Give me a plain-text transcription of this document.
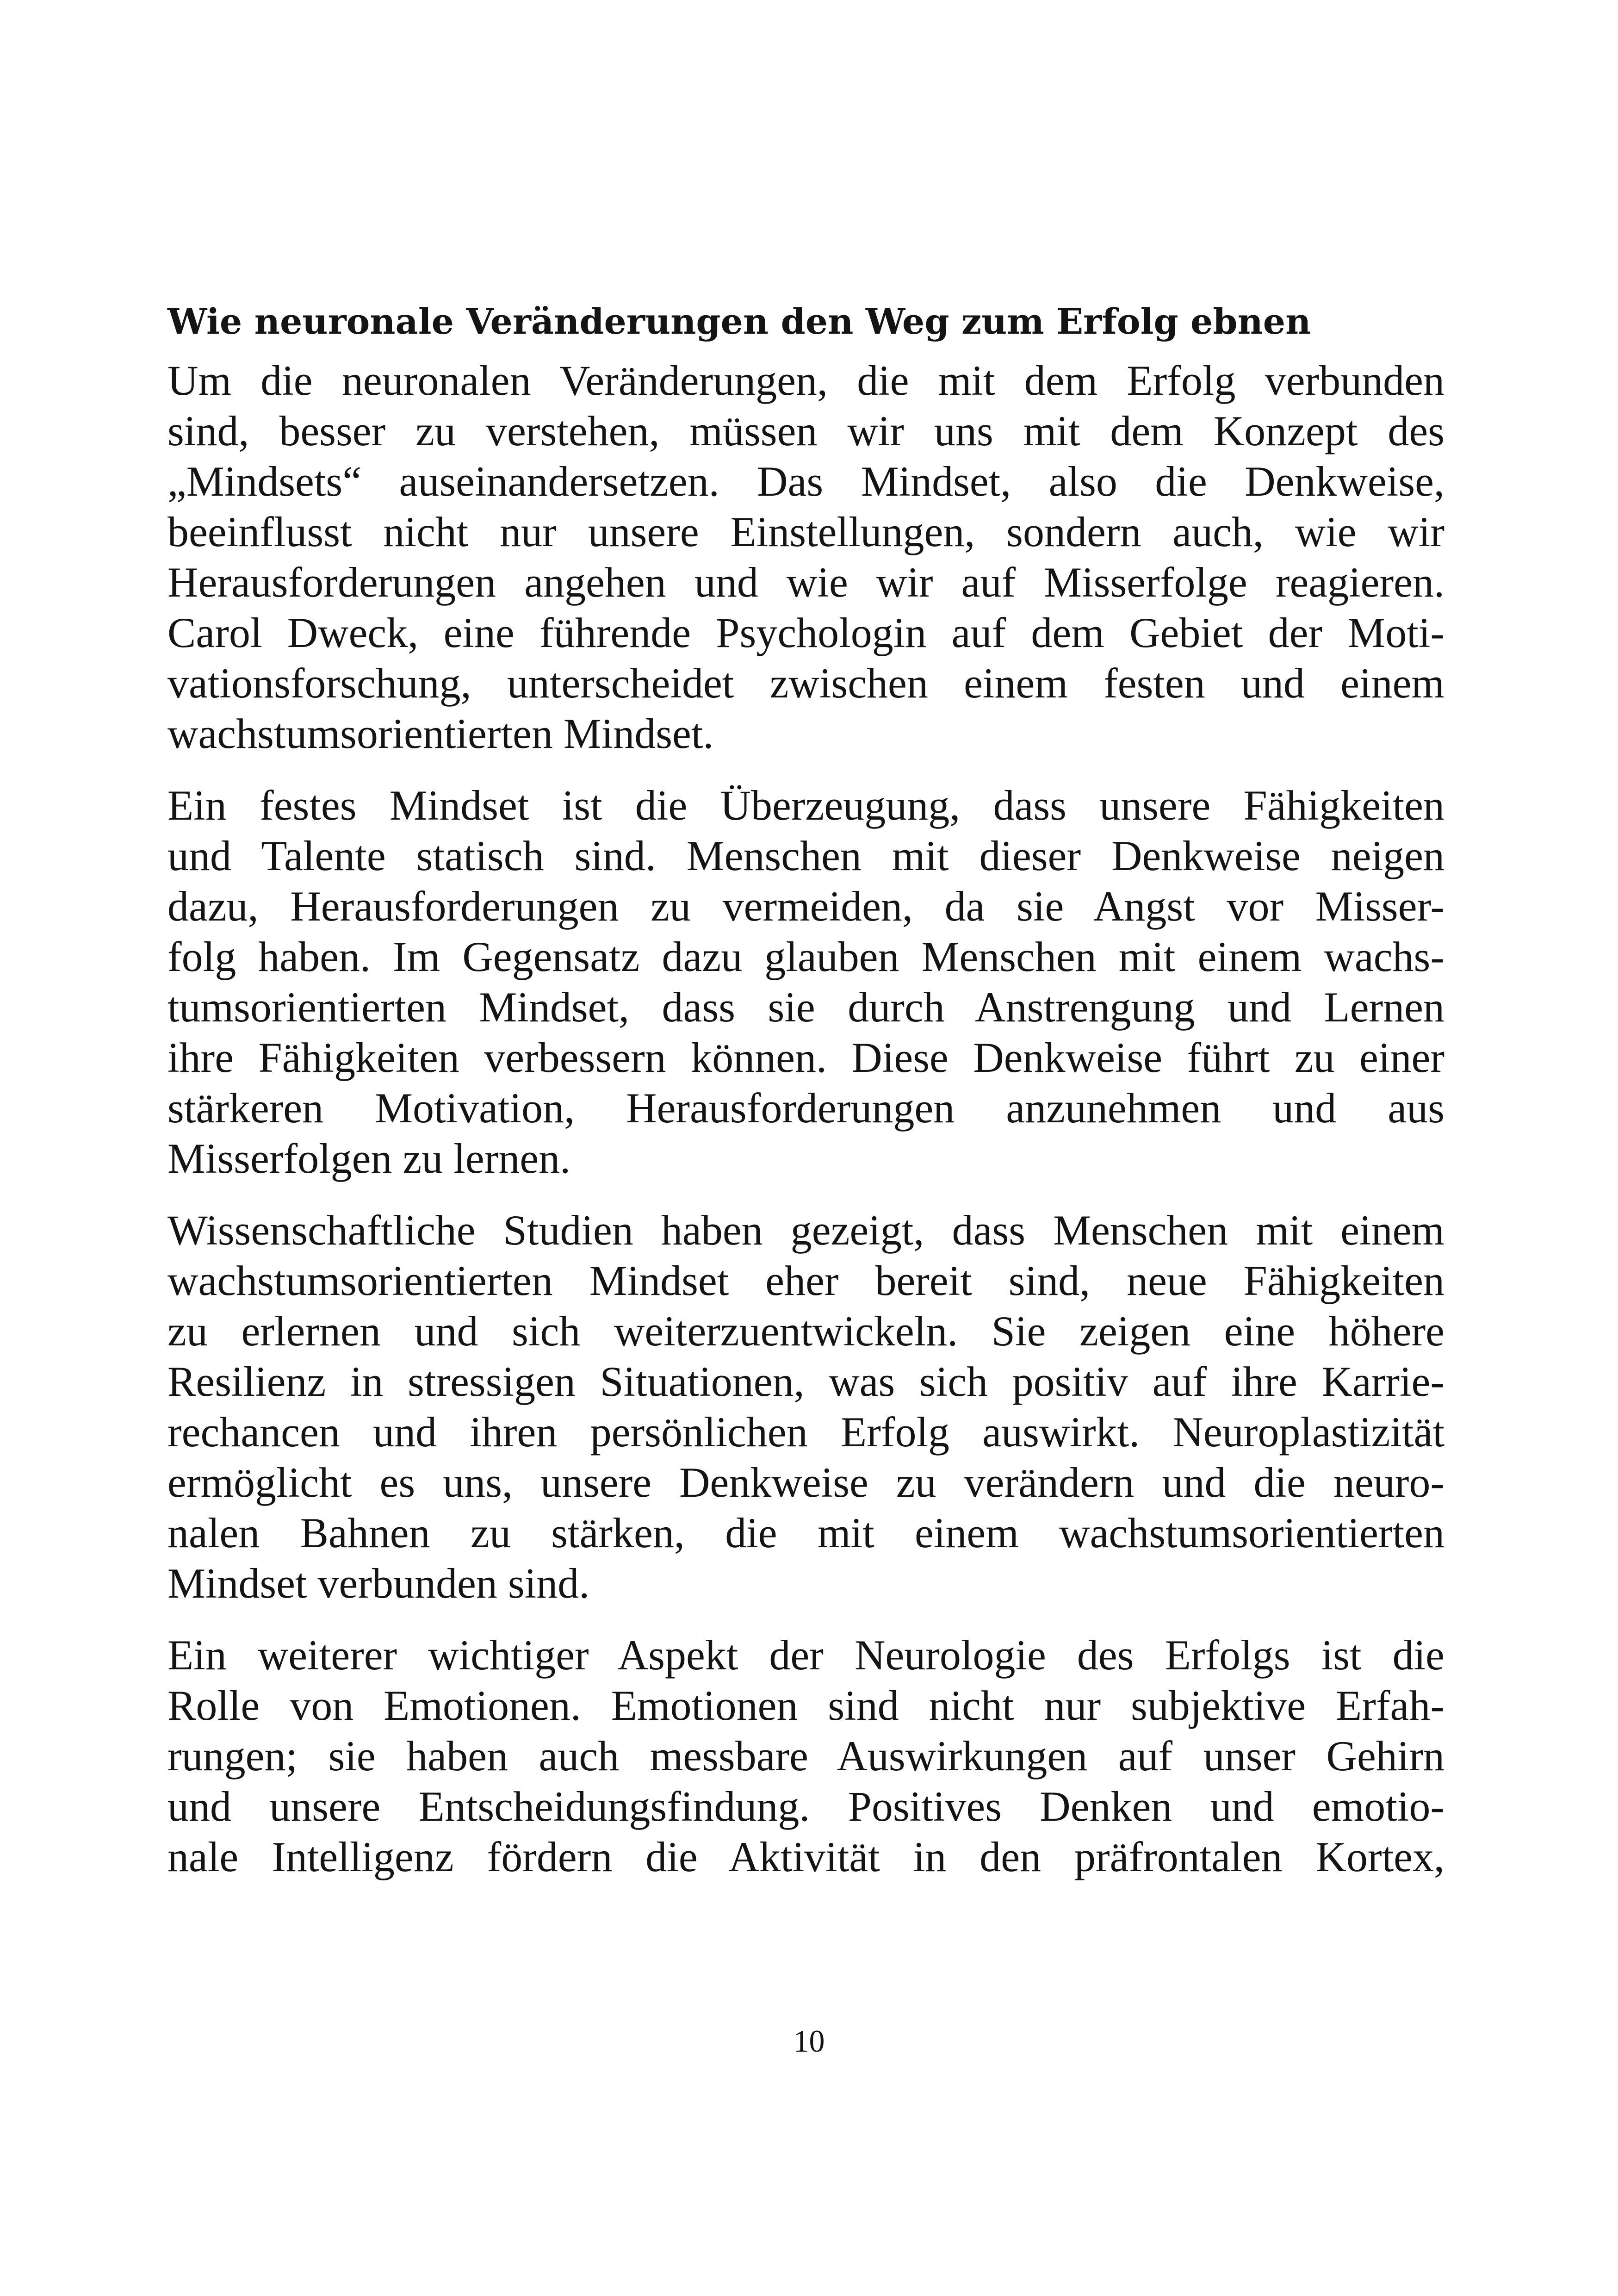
Wie neuronale Veränderungen den Weg zum Erfolg ebnen
Um die neuronalen Veränderungen, die mit dem Erfolg verbunden
sind, besser zu verstehen, müssen wir uns mit dem Konzept des
„Mindsets“ auseinandersetzen. Das Mindset, also die Denkweise,
beeinflusst nicht nur unsere Einstellungen, sondern auch, wie wir
Herausforderungen angehen und wie wir auf Misserfolge reagieren.
Carol Dweck, eine führende Psychologin auf dem Gebiet der Moti-
vationsforschung, unterscheidet zwischen einem festen und einem
wachstumsorientierten Mindset.
Ein festes Mindset ist die Überzeugung, dass unsere Fähigkeiten
und Talente statisch sind. Menschen mit dieser Denkweise neigen
dazu, Herausforderungen zu vermeiden, da sie Angst vor Misser-
folg haben. Im Gegensatz dazu glauben Menschen mit einem wachs-
tumsorientierten Mindset, dass sie durch Anstrengung und Lernen
ihre Fähigkeiten verbessern können. Diese Denkweise führt zu einer
stärkeren Motivation, Herausforderungen anzunehmen und aus
Misserfolgen zu lernen.
Wissenschaftliche Studien haben gezeigt, dass Menschen mit einem
wachstumsorientierten Mindset eher bereit sind, neue Fähigkeiten
zu erlernen und sich weiterzuentwickeln. Sie zeigen eine höhere
Resilienz in stressigen Situationen, was sich positiv auf ihre Karrie-
rechancen und ihren persönlichen Erfolg auswirkt. Neuroplastizität
ermöglicht es uns, unsere Denkweise zu verändern und die neuro-
nalen Bahnen zu stärken, die mit einem wachstumsorientierten
Mindset verbunden sind.
Ein weiterer wichtiger Aspekt der Neurologie des Erfolgs ist die
Rolle von Emotionen. Emotionen sind nicht nur subjektive Erfah-
rungen; sie haben auch messbare Auswirkungen auf unser Gehirn
und unsere Entscheidungsfindung. Positives Denken und emotio-
nale Intelligenz fördern die Aktivität in den präfrontalen Kortex,
10
